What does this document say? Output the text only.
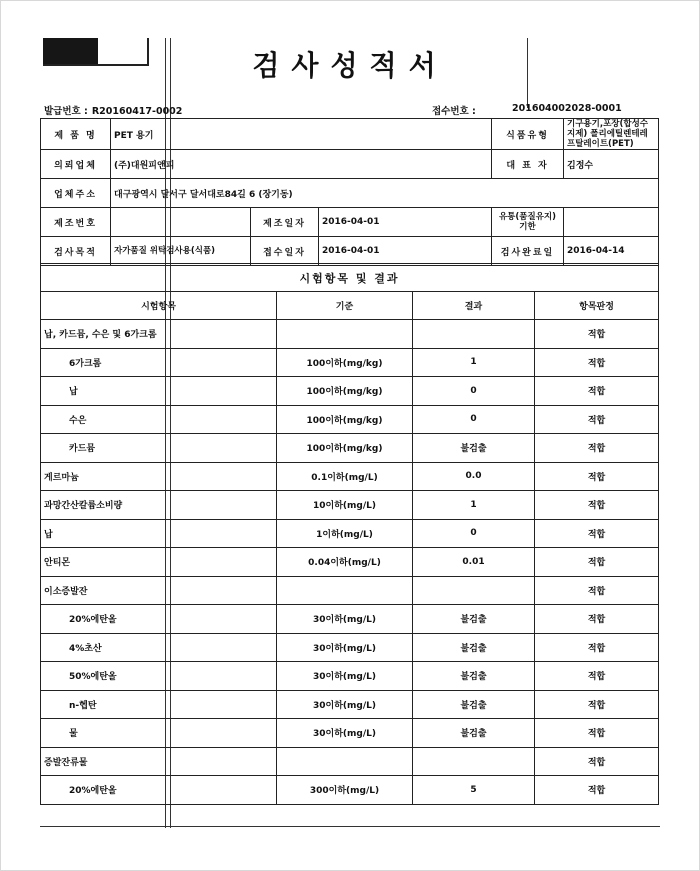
검사성적서
발급번호 : R20160417-0002	접수번호 :	201604002028-0001
제 품 명	PET 용기			식품유형	기구용기,포장(합성수지제) 폴리에틸렌테레프탈레이트(PET)
의뢰업체	(주)대원피앤피			대 표 자	김정수
업체주소	대구광역시 달서구 달서대로84길 6 (장기동)				
제조번호		제조일자	2016-04-01	유통(품질유지)기한	
검사목적	자가품질 위탁검사용(식품)	접수일자	2016-04-01	검사완료일	2016-04-14
시험항목 및 결과			
시험항목	기준	결과	항목판정
납, 카드뮴, 수은 및 6가크롬			적합
6가크롬	100이하(mg/kg)	1	적합
납	100이하(mg/kg)	0	적합
수은	100이하(mg/kg)	0	적합
카드뮴	100이하(mg/kg)	불검출	적합
게르마늄	0.1이하(mg/L)	0.0	적합
과망간산칼륨소비량	10이하(mg/L)	1	적합
납	1이하(mg/L)	0	적합
안티몬	0.04이하(mg/L)	0.01	적합
이소증발잔			적합
20%에탄올	30이하(mg/L)	불검출	적합
4%초산	30이하(mg/L)	불검출	적합
50%에탄올	30이하(mg/L)	불검출	적합
n-헵탄	30이하(mg/L)	불검출	적합
물	30이하(mg/L)	불검출	적합
증발잔류물			적합
20%에탄올	300이하(mg/L)	5	적합
